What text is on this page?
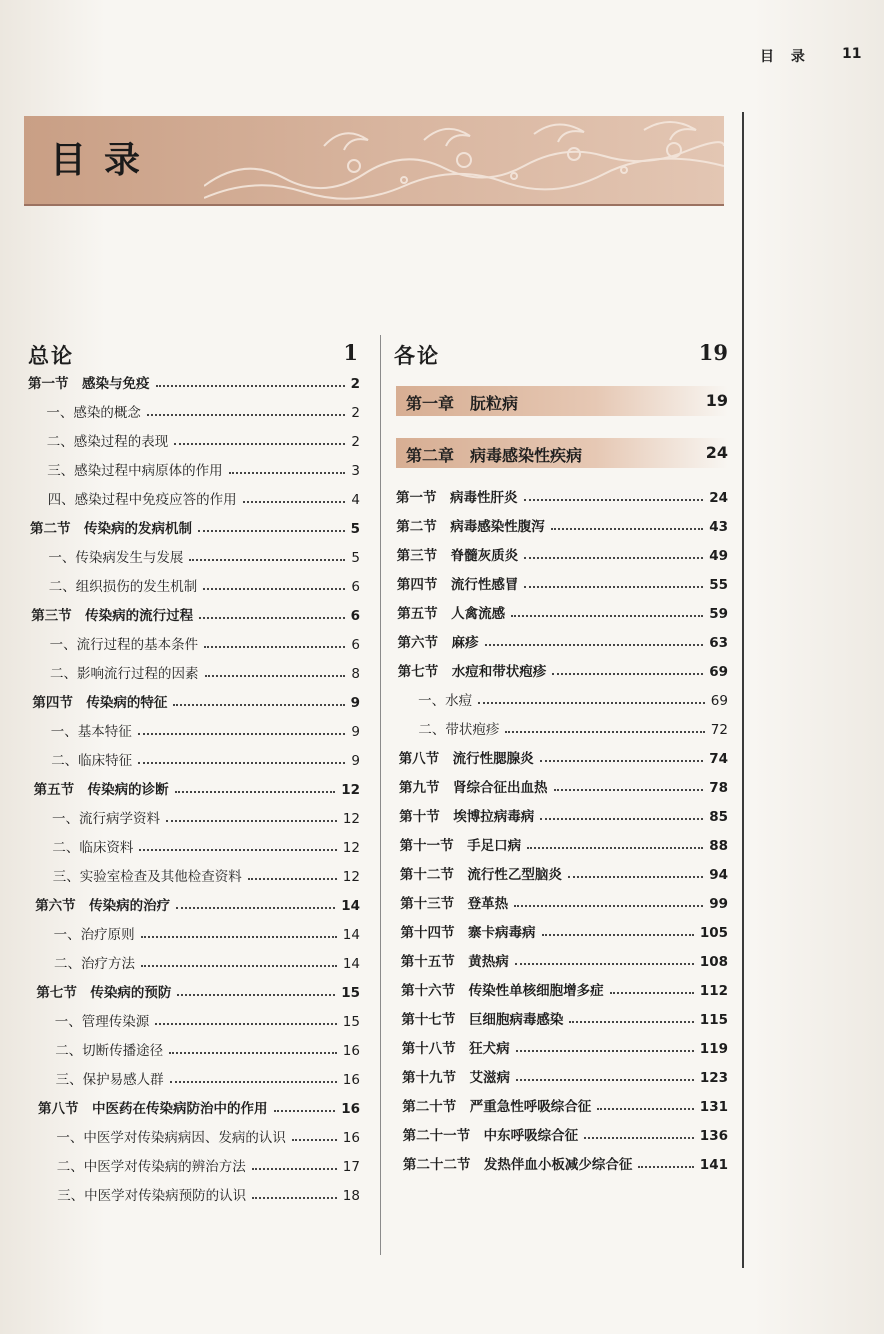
目 录 11
目录
总论	1 各论	19
第一章　朊粒病	19
第二章　病毒感染性疾病	24
第一节　感染与免疫	2
一、感染的概念	2
二、感染过程的表现	2
三、感染过程中病原体的作用	3
四、感染过程中免疫应答的作用	4
第二节　传染病的发病机制	5
一、传染病发生与发展	5
二、组织损伤的发生机制	6
第三节　传染病的流行过程	6
一、流行过程的基本条件	6
二、影响流行过程的因素	8
第四节　传染病的特征	9
一、基本特征	9
二、临床特征	9
第五节　传染病的诊断	12
一、流行病学资料	12
二、临床资料	12
三、实验室检查及其他检查资料	12
第六节　传染病的治疗	14
一、治疗原则	14
二、治疗方法	14
第七节　传染病的预防	15
一、管理传染源	15
二、切断传播途径	16
三、保护易感人群	16
第八节　中医药在传染病防治中的作用	16
一、中医学对传染病病因、发病的认识	16
二、中医学对传染病的辨治方法	17
三、中医学对传染病预防的认识	18
第一节　病毒性肝炎	24
第二节　病毒感染性腹泻	43
第三节　脊髓灰质炎	49
第四节　流行性感冒	55
第五节　人禽流感	59
第六节　麻疹	63
第七节　水痘和带状疱疹	69
一、水痘	69
二、带状疱疹	72
第八节　流行性腮腺炎	74
第九节　肾综合征出血热	78
第十节　埃博拉病毒病	85
第十一节　手足口病	88
第十二节　流行性乙型脑炎	94
第十三节　登革热	99
第十四节　寨卡病毒病	105
第十五节　黄热病	108
第十六节　传染性单核细胞增多症	112
第十七节　巨细胞病毒感染	115
第十八节　狂犬病	119
第十九节　艾滋病	123
第二十节　严重急性呼吸综合征	131
第二十一节　中东呼吸综合征	136
第二十二节　发热伴血小板减少综合征	141
